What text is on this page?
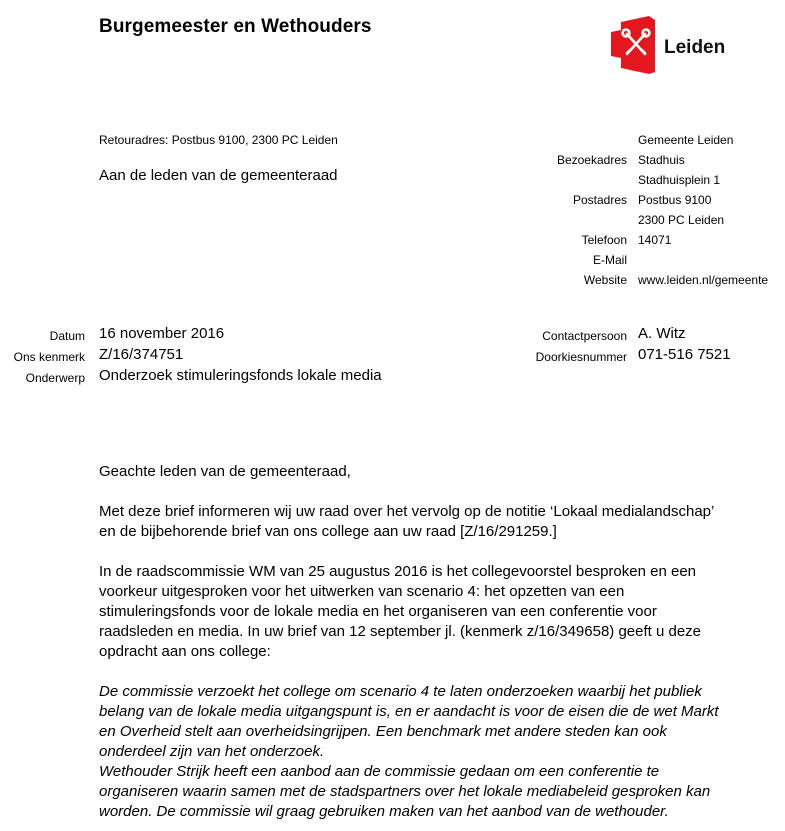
Burgemeester en Wethouders
Leiden
Retouradres: Postbus 9100, 2300 PC Leiden
Aan de leden van de gemeenteraad
Bezoekadres

Postadres

Telefoon
E-Mail
Website
Gemeente Leiden
Stadhuis
Stadhuisplein 1
Postbus 9100
2300 PC Leiden
14071

www.leiden.nl/gemeente
Datum
Ons kenmerk
Onderwerp
16 november 2016
Z/16/374751
Onderzoek stimuleringsfonds lokale media
Contactpersoon
Doorkiesnummer
A. Witz
071-516 7521

Geachte leden van de gemeenteraad,

Met deze brief informeren wij uw raad over het vervolg op de notitie ‘Lokaal medialandschap’
en de bijbehorende brief van ons college aan uw raad [Z/16/291259.]

In de raadscommissie WM van 25 augustus 2016 is het collegevoorstel besproken en een
voorkeur uitgesproken voor het uitwerken van scenario 4: het opzetten van een
stimuleringsfonds voor de lokale media en het organiseren van een conferentie voor
raadsleden en media. In uw brief van 12 september jl. (kenmerk z/16/349658) geeft u deze
opdracht aan ons college:

De commissie verzoekt het college om scenario 4 te laten onderzoeken waarbij het publiek
belang van de lokale media uitgangspunt is, en er aandacht is voor de eisen die de wet Markt
en Overheid stelt aan overheidsingrijpen. Een benchmark met andere steden kan ook
onderdeel zijn van het onderzoek.
Wethouder Strijk heeft een aanbod aan de commissie gedaan om een conferentie te
organiseren waarin samen met de stadspartners over het lokale mediabeleid gesproken kan
worden. De commissie wil graag gebruiken maken van het aanbod van de wethouder.
